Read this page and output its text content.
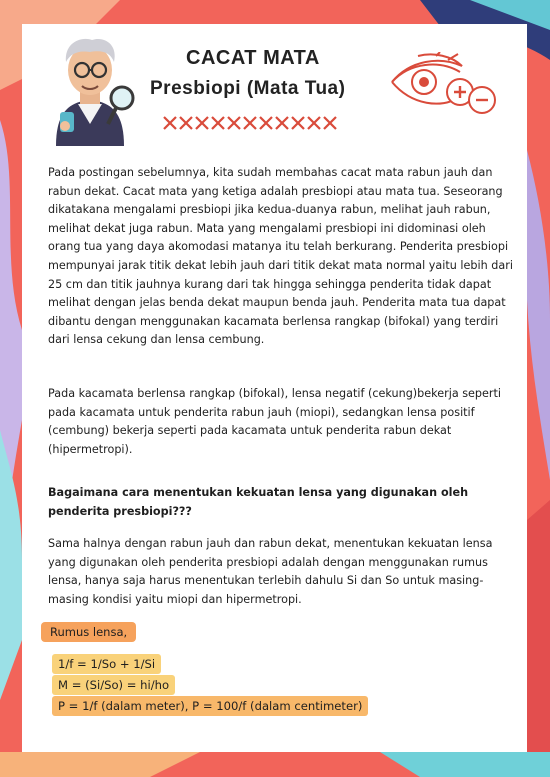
CACAT MATA
Presbiopi (Mata Tua)

Pada postingan sebelumnya, kita sudah membahas cacat mata rabun jauh dan rabun dekat. Cacat mata yang ketiga adalah presbiopi atau mata tua. Seseorang dikatakana mengalami presbiopi jika kedua-duanya rabun, melihat jauh rabun, melihat dekat juga rabun. Mata yang mengalami presbiopi ini didominasi oleh orang tua yang daya akomodasi matanya itu telah berkurang. Penderita presbiopi mempunyai jarak titik dekat lebih jauh dari titik dekat mata normal yaitu lebih dari 25 cm dan titik jauhnya kurang dari tak hingga sehingga penderita tidak dapat melihat dengan jelas benda dekat maupun benda jauh. Penderita mata tua dapat dibantu dengan menggunakan kacamata berlensa rangkap (bifokal) yang terdiri dari lensa cekung dan lensa cembung.

Pada kacamata berlensa rangkap (bifokal), lensa negatif (cekung)bekerja seperti pada kacamata untuk penderita rabun jauh (miopi), sedangkan lensa positif (cembung) bekerja seperti pada kacamata untuk penderita rabun dekat (hipermetropi).

Bagaimana cara menentukan kekuatan lensa yang digunakan oleh penderita presbiopi???

Sama halnya dengan rabun jauh dan rabun dekat, menentukan kekuatan lensa yang digunakan oleh penderita presbiopi adalah dengan menggunakan rumus lensa, hanya saja harus menentukan terlebih dahulu Si dan So untuk masing-masing kondisi yaitu miopi dan hipermetropi.

Rumus lensa,
1/f = 1/So + 1/Si
M = (Si/So) = hi/ho
P = 1/f (dalam meter), P = 100/f (dalam centimeter)
